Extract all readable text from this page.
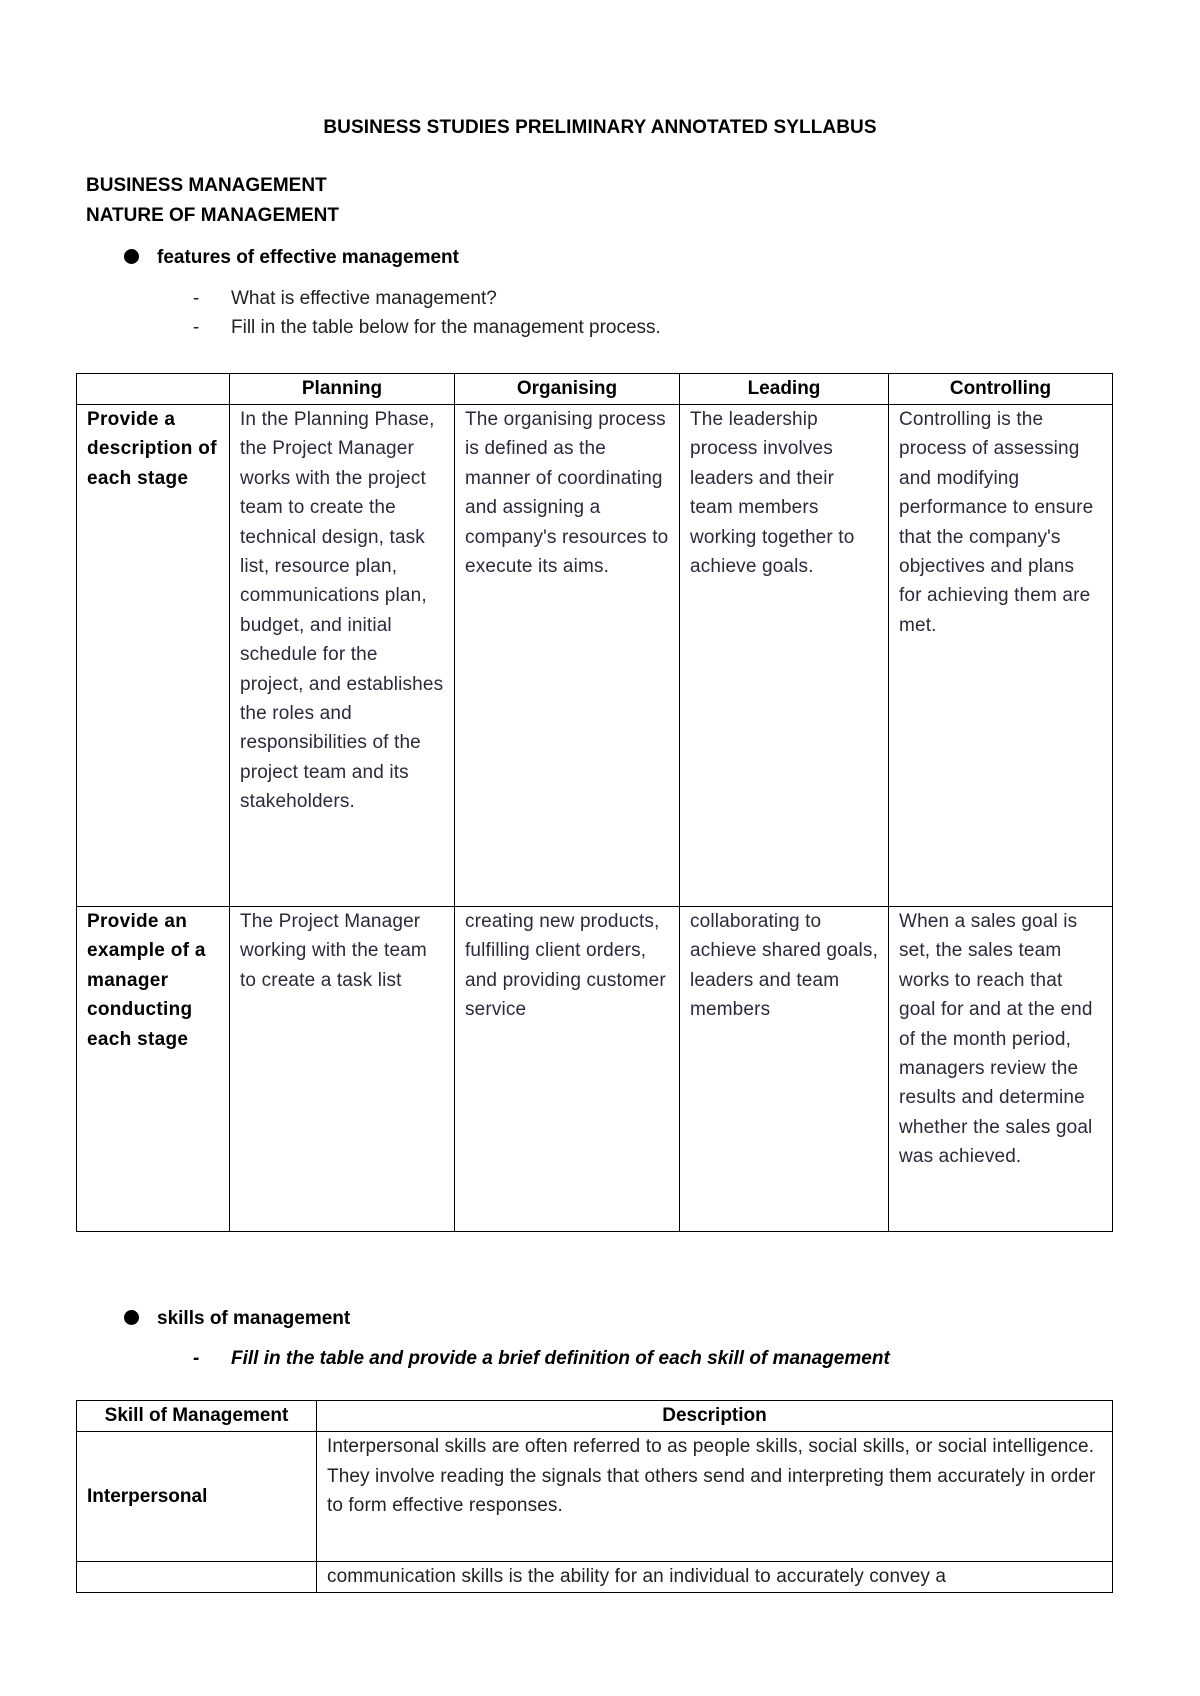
BUSINESS STUDIES PRELIMINARY ANNOTATED SYLLABUS
BUSINESS MANAGEMENT
NATURE OF MANAGEMENT
features of effective management
- What is effective management?
- Fill in the table below for the management process.
	Planning	Organising	Leading	Controlling
Provide a description of each stage	In the Planning Phase, the Project Manager works with the project team to create the technical design, task list, resource plan, communications plan, budget, and initial schedule for the project, and establishes the roles and responsibilities of the project team and its stakeholders.	The organising process is defined as the manner of coordinating and assigning a company's resources to execute its aims.	The leadership process involves leaders and their team members working together to achieve goals.	Controlling is the process of assessing and modifying performance to ensure that the company's objectives and plans for achieving them are met.
Provide an example of a manager conducting each stage	The Project Manager working with the team to create a task list	creating new products, fulfilling client orders, and providing customer service	collaborating to achieve shared goals, leaders and team members	When a sales goal is set, the sales team works to reach that goal for and at the end of the month period, managers review the results and determine whether the sales goal was achieved.
skills of management
- Fill in the table and provide a brief definition of each skill of management
Skill of Management	Description
Interpersonal	Interpersonal skills are often referred to as people skills, social skills, or social intelligence. They involve reading the signals that others send and interpreting them accurately in order to form effective responses.
	communication skills is the ability for an individual to accurately convey a
